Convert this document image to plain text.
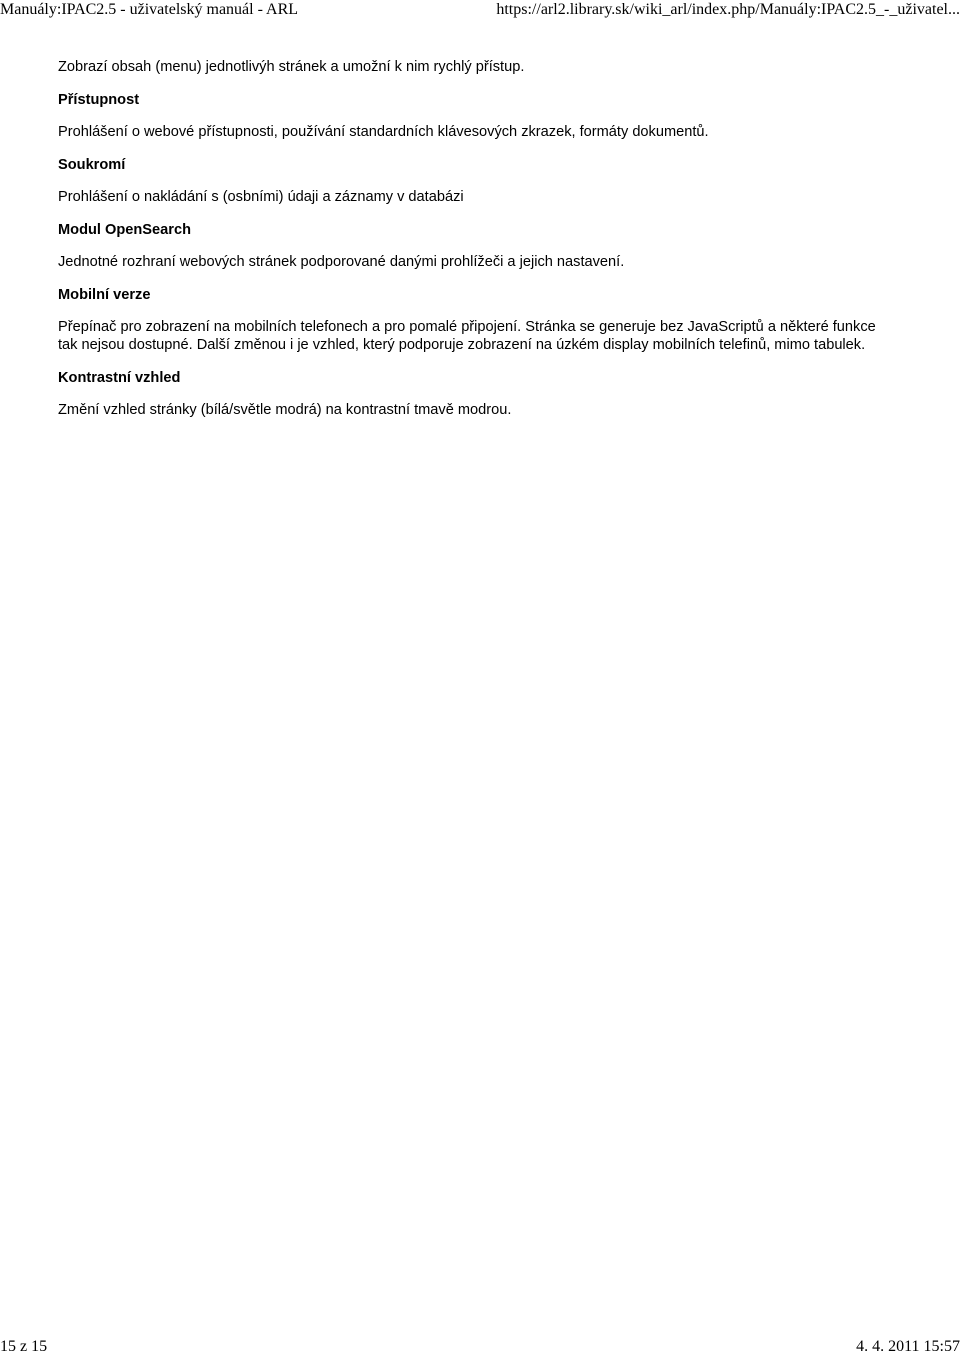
Manuály:IPAC2.5 - uživatelský manuál - ARL	https://arl2.library.sk/wiki_arl/index.php/Manuály:IPAC2.5_-_uživatel...

Zobrazí obsah (menu) jednotlivýh stránek a umožní k nim rychlý přístup.

Přístupnost

Prohlášení o webové přístupnosti, používání standardních klávesových zkrazek, formáty dokumentů.

Soukromí

Prohlášení o nakládání s (osbními) údaji a záznamy v databázi

Modul OpenSearch

Jednotné rozhraní webových stránek podporované danými prohlížeči a jejich nastavení.

Mobilní verze

Přepínač pro zobrazení na mobilních telefonech a pro pomalé připojení. Stránka se generuje bez JavaScriptů a některé funkce tak nejsou dostupné. Další změnou i je vzhled, který podporuje zobrazení na úzkém display mobilních telefinů, mimo tabulek.

Kontrastní vzhled

Změní vzhled stránky (bílá/světle modrá) na kontrastní tmavě modrou.

15 z 15	4. 4. 2011 15:57
